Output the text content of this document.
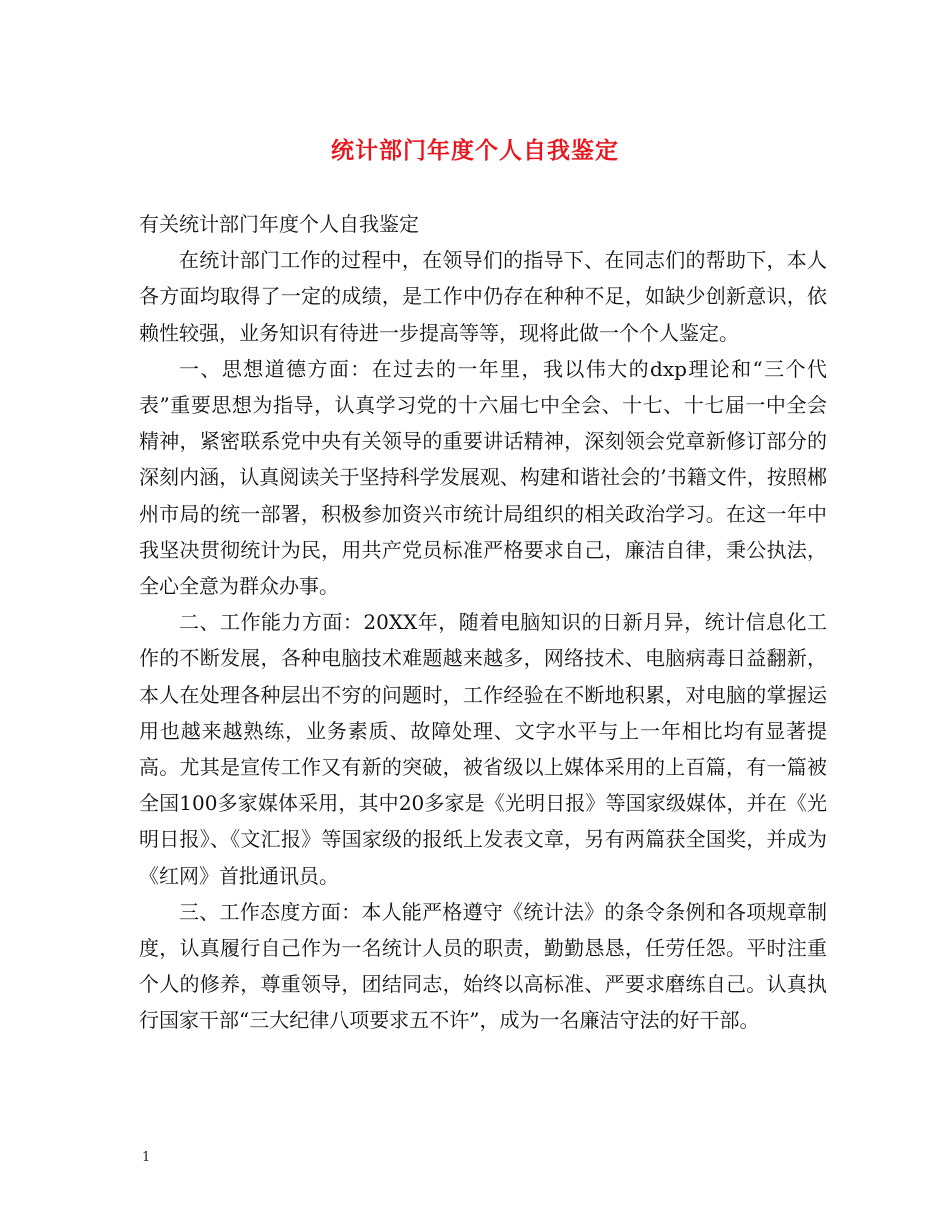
统计部门年度个人自我鉴定

有关统计部门年度个人自我鉴定

在统计部门工作的过程中，在领导们的指导下、在同志们的帮助下，本人各方面均取得了一定的成绩，是工作中仍存在种种不足，如缺少创新意识，依赖性较强，业务知识有待进一步提高等等，现将此做一个个人鉴定。

一、思想道德方面：在过去的一年里，我以伟大的dxp理论和“三个代表”重要思想为指导，认真学习党的十六届七中全会、十七、十七届一中全会精神，紧密联系党中央有关领导的重要讲话精神，深刻领会党章新修订部分的深刻内涵，认真阅读关于坚持科学发展观、构建和谐社会的’书籍文件，按照郴州市局的统一部署，积极参加资兴市统计局组织的相关政治学习。在这一年中我坚决贯彻统计为民，用共产党员标准严格要求自己，廉洁自律，秉公执法，全心全意为群众办事。

二、工作能力方面：20XX年，随着电脑知识的日新月异，统计信息化工作的不断发展，各种电脑技术难题越来越多，网络技术、电脑病毒日益翻新，本人在处理各种层出不穷的问题时，工作经验在不断地积累，对电脑的掌握运用也越来越熟练，业务素质、故障处理、文字水平与上一年相比均有显著提高。尤其是宣传工作又有新的突破，被省级以上媒体采用的上百篇，有一篇被全国100多家媒体采用，其中20多家是《光明日报》等国家级媒体，并在《光明日报》、《文汇报》等国家级的报纸上发表文章，另有两篇获全国奖，并成为《红网》首批通讯员。

三、工作态度方面：本人能严格遵守《统计法》的条令条例和各项规章制度，认真履行自己作为一名统计人员的职责，勤勤恳恳，任劳任怨。平时注重个人的修养，尊重领导，团结同志，始终以高标准、严要求磨练自己。认真执行国家干部“三大纪律八项要求五不许”，成为一名廉洁守法的好干部。

1
